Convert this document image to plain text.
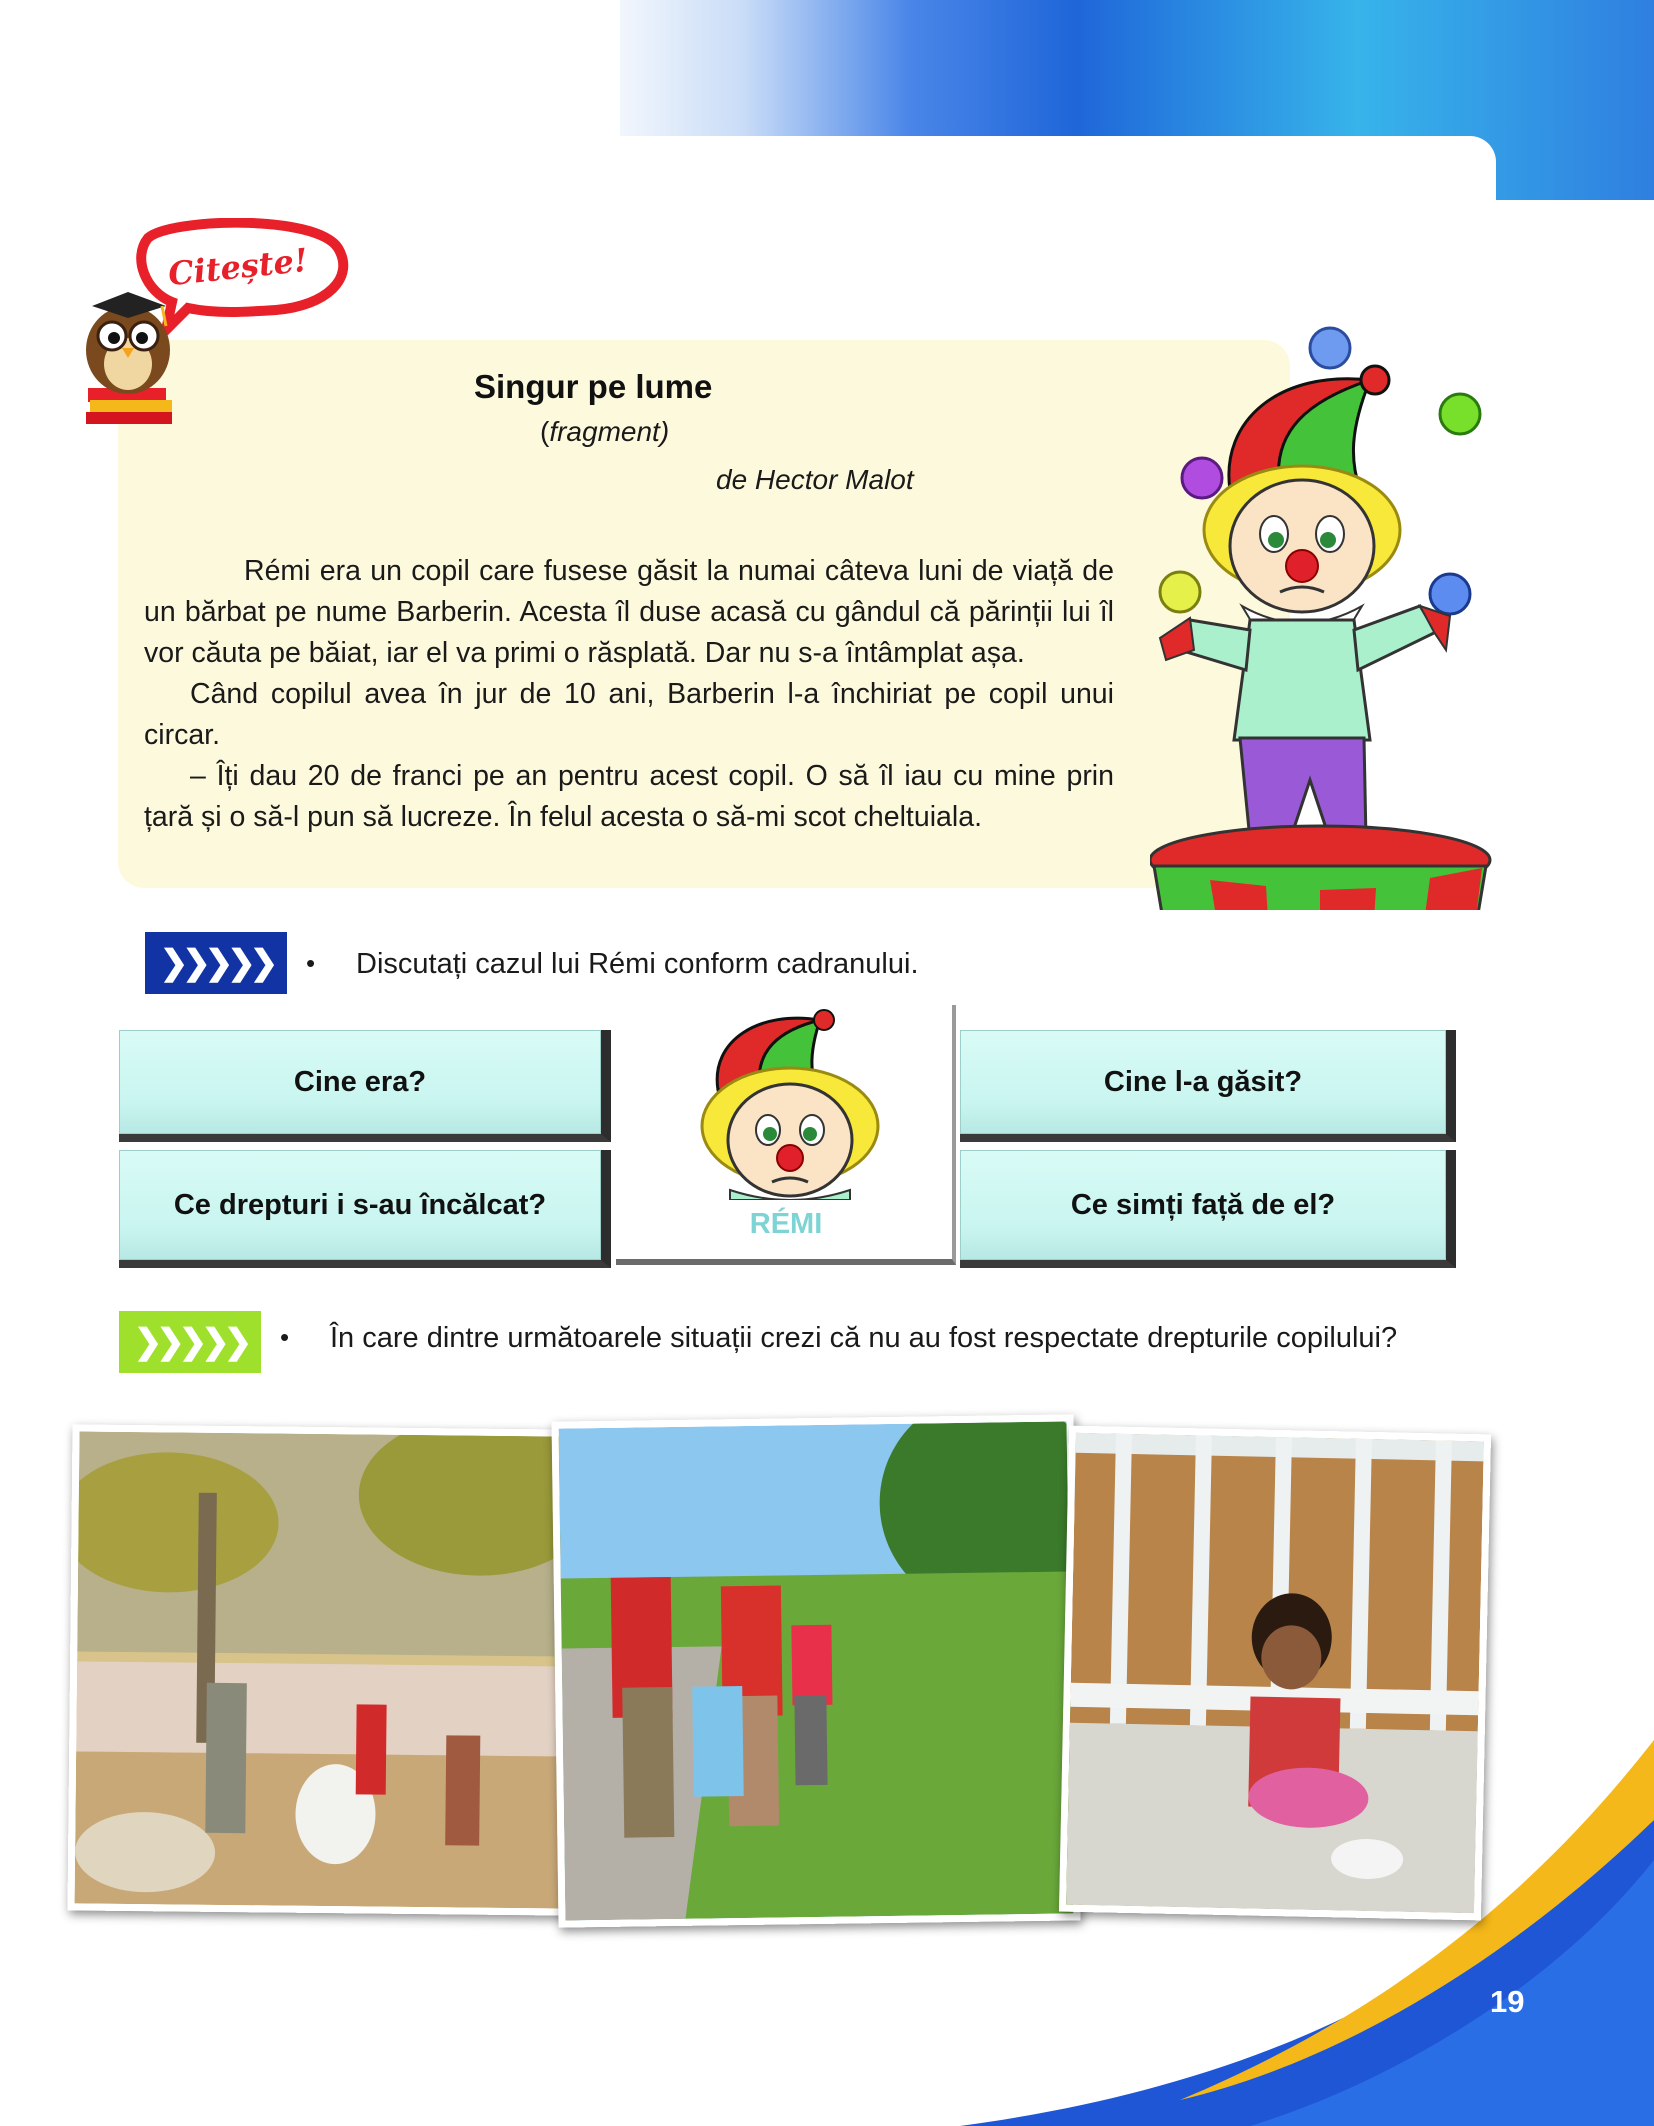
Citește!
Singur pe lume
(fragment)
de Hector Malot

Rémi era un copil care fusese găsit la numai câteva luni de viață de un bărbat pe nume Barberin. Acesta îl duse acasă cu gândul că părinții lui îl vor căuta pe băiat, iar el va primi o răsplată. Dar nu s-a întâmplat așa.

Când copilul avea în jur de 10 ani, Barberin l-a închiriat pe copil unui circar.

– Îți dau 20 de franci pe an pentru acest copil. O să îl iau cu mine prin țară și o să-l pun să lucreze. În felul acesta o să-mi scot cheltuiala.

❯❯❯❯❯	• Discutați cazul lui Rémi conform cadranului.
Cine era?	Cine l-a găsit?
Ce drepturi i s-au încălcat?	Ce simți față de el?
RÉMI
❯❯❯❯❯	• În care dintre următoarele situații crezi că nu au fost respectate drepturile copilului?
19
